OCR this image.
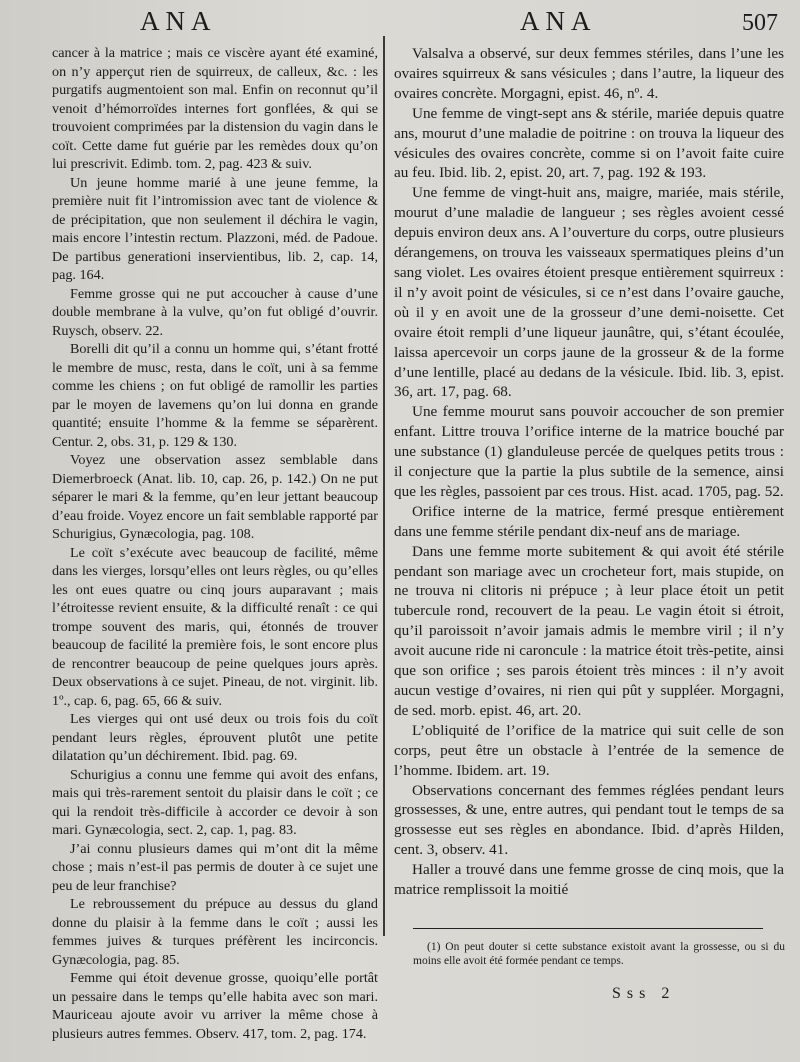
ANA	ANA	507

cancer à la matrice ; mais ce viscère ayant été examiné, on n’y apperçut rien de squirreux, de calleux, &c. : les purgatifs augmentoient son mal. Enfin on reconnut qu’il venoit d’hémorroïdes internes fort gonflées, & qui se trouvoient comprimées par la distension du vagin dans le coït. Cette dame fut guérie par les remèdes doux qu’on lui prescrivit. Edimb. tom. 2, pag. 423 & suiv.

Un jeune homme marié à une jeune femme, la première nuit fit l’intromission avec tant de violence & de précipitation, que non seulement il déchira le vagin, mais encore l’intestin rectum. Plazzoni, méd. de Padoue. De partibus generationi inservientibus, lib. 2, cap. 14, pag. 164.

Femme grosse qui ne put accoucher à cause d’une double membrane à la vulve, qu’on fut obligé d’ouvrir. Ruysch, observ. 22.

Borelli dit qu’il a connu un homme qui, s’étant frotté le membre de musc, resta, dans le coït, uni à sa femme comme les chiens ; on fut obligé de ramollir les parties par le moyen de lavemens qu’on lui donna en grande quantité; ensuite l’homme & la femme se séparèrent. Centur. 2, obs. 31, p. 129 & 130.

Voyez une observation assez semblable dans Diemerbroeck (Anat. lib. 10, cap. 26, p. 142.) On ne put séparer le mari & la femme, qu’en leur jettant beaucoup d’eau froide. Voyez encore un fait semblable rapporté par Schurigius, Gynæcologia, pag. 108.

Le coït s’exécute avec beaucoup de facilité, même dans les vierges, lorsqu’elles ont leurs règles, ou qu’elles les ont eues quatre ou cinq jours auparavant ; mais l’étroitesse revient ensuite, & la difficulté renaît : ce qui trompe souvent des maris, qui, étonnés de trouver beaucoup de facilité la première fois, le sont encore plus de rencontrer beaucoup de peine quelques jours après. Deux observations à ce sujet. Pineau, de not. virginit. lib. 1º., cap. 6, pag. 65, 66 & suiv.

Les vierges qui ont usé deux ou trois fois du coït pendant leurs règles, éprouvent plutôt une petite dilatation qu’un déchirement. Ibid. pag. 69.

Schurigius a connu une femme qui avoit des enfans, mais qui très-rarement sentoit du plaisir dans le coït ; ce qui la rendoit très-difficile à accorder ce devoir à son mari. Gynæcologia, sect. 2, cap. 1, pag. 83.

J’ai connu plusieurs dames qui m’ont dit la même chose ; mais n’est-il pas permis de douter à ce sujet une peu de leur franchise?

Le rebroussement du prépuce au dessus du gland donne du plaisir à la femme dans le coït ; aussi les femmes juives & turques préfèrent les incirconcis. Gynæcologia, pag. 85.

Femme qui étoit devenue grosse, quoiqu’elle portât un pessaire dans le temps qu’elle habita avec son mari. Mauriceau ajoute avoir vu arriver la même chose à plusieurs autres femmes. Observ. 417, tom. 2, pag. 174.

Valsalva a observé, sur deux femmes stériles, dans l’une les ovaires squirreux & sans vésicules ; dans l’autre, la liqueur des ovaires concrète. Morgagni, epist. 46, nº. 4.

Une femme de vingt-sept ans & stérile, mariée depuis quatre ans, mourut d’une maladie de poitrine : on trouva la liqueur des vésicules des ovaires concrète, comme si on l’avoit faite cuire au feu. Ibid. lib. 2, epist. 20, art. 7, pag. 192 & 193.

Une femme de vingt-huit ans, maigre, mariée, mais stérile, mourut d’une maladie de langueur ; ses règles avoient cessé depuis environ deux ans. A l’ouverture du corps, outre plusieurs dérangemens, on trouva les vaisseaux spermatiques pleins d’un sang violet. Les ovaires étoient presque entièrement squirreux : il n’y avoit point de vésicules, si ce n’est dans l’ovaire gauche, où il y en avoit une de la grosseur d’une demi-noisette. Cet ovaire étoit rempli d’une liqueur jaunâtre, qui, s’étant écoulée, laissa apercevoir un corps jaune de la grosseur & de la forme d’une lentille, placé au dedans de la vésicule. Ibid. lib. 3, epist. 36, art. 17, pag. 68.

Une femme mourut sans pouvoir accoucher de son premier enfant. Littre trouva l’orifice interne de la matrice bouché par une substance (1) glanduleuse percée de quelques petits trous : il conjecture que la partie la plus subtile de la semence, ainsi que les règles, passoient par ces trous. Hist. acad. 1705, pag. 52.

Orifice interne de la matrice, fermé presque entièrement dans une femme stérile pendant dix-neuf ans de mariage.

Dans une femme morte subitement & qui avoit été stérile pendant son mariage avec un crocheteur fort, mais stupide, on ne trouva ni clitoris ni prépuce ; à leur place étoit un petit tubercule rond, recouvert de la peau. Le vagin étoit si étroit, qu’il paroissoit n’avoir jamais admis le membre viril ; il n’y avoit aucune ride ni caroncule : la matrice étoit très-petite, ainsi que son orifice ; ses parois étoient très minces : il n’y avoit aucun vestige d’ovaires, ni rien qui pût y suppléer. Morgagni, de sed. morb. epist. 46, art. 20.

L’obliquité de l’orifice de la matrice qui suit celle de son corps, peut être un obstacle à l’entrée de la semence de l’homme. Ibidem. art. 19.

Observations concernant des femmes réglées pendant leurs grossesses, & une, entre autres, qui pendant tout le temps de sa grossesse eut ses règles en abondance. Ibid. d’après Hilden, cent. 3, observ. 41.

Haller a trouvé dans une femme grosse de cinq mois, que la matrice remplissoit la moitié

(1) On peut douter si cette substance existoit avant la grossesse, ou si du moins elle avoit été formée pendant ce temps.

Sss 2
